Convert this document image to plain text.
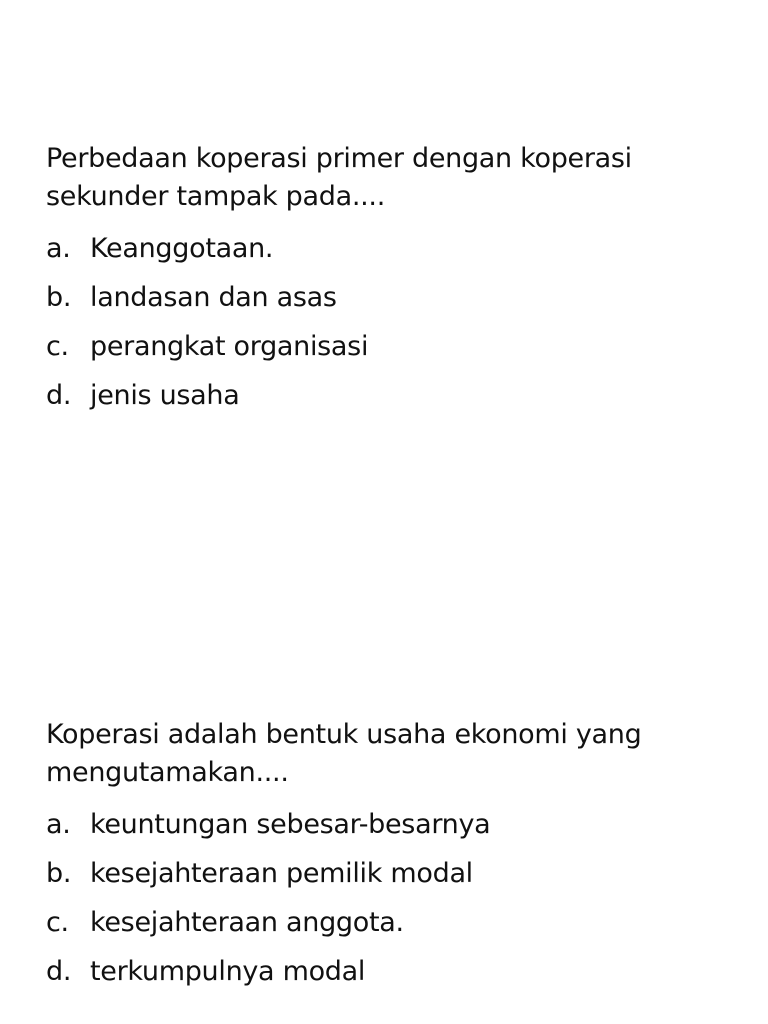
Perbedaan koperasi primer dengan koperasi sekunder tampak pada....

a. Keanggotaan.
b. landasan dan asas
c. perangkat organisasi
d. jenis usaha

Koperasi adalah bentuk usaha ekonomi yang mengutamakan....

a. keuntungan sebesar-besarnya
b. kesejahteraan pemilik modal
c. kesejahteraan anggota.
d. terkumpulnya modal
